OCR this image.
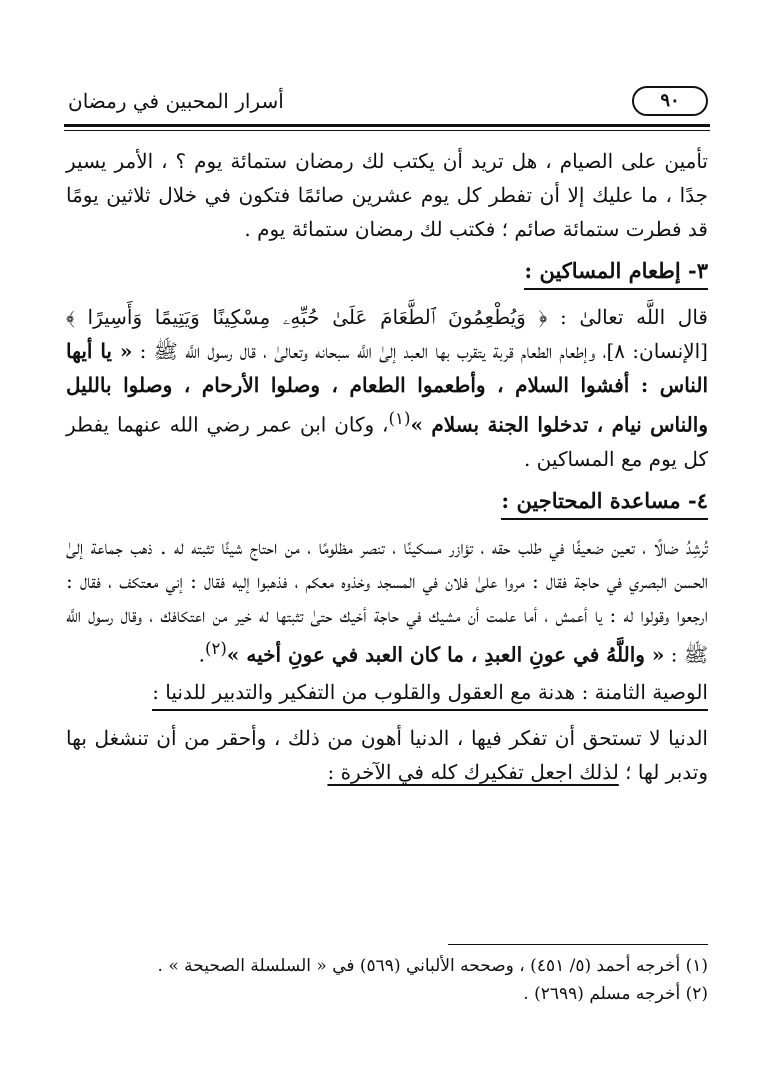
٩٠
أسرار المحبين في رمضان

تأمين على الصيام ، هل تريد أن يكتب لك رمضان ستمائة يوم ؟ ، الأمر يسير جدًا ، ما عليك إلا أن تفطر كل يوم عشرين صائمًا فتكون في خلال ثلاثين يومًا قد فطرت ستمائة صائم ؛ فكتب لك رمضان ستمائة يوم .

٣- إطعام المساكين :

قال اللَّه تعالىٰ : ﴿ وَيُطْعِمُونَ ٱلطَّعَامَ عَلَىٰ حُبِّهِۦ مِسْكِينًا وَيَتِيمًا وَأَسِيرًا ﴾ [الإنسان: ٨]، وإطعام الطعام قربة يتقرب بها العبد إلىٰ اللَّه سبحانه وتعالىٰ ، قال رسول اللَّه ﷺ : « يا أيها الناس : أفشوا السلام ، وأطعموا الطعام ، وصلوا الأرحام ، وصلوا بالليل والناس نيام ، تدخلوا الجنة بسلام »$^{(١)}$، وكان ابن عمر رضي الله عنهما يفطر كل يوم مع المساكين .

٤- مساعدة المحتاجين :

تُرشِدُ ضالًا ، تعين ضعيفًا في طلب حقه ، تؤازر مسكينًا ، تنصر مظلومًا ، من احتاج شيئًا تثبته له . ذهب جماعة إلىٰ الحسن البصري في حاجة فقال : مروا علىٰ فلان في المسجد وخذوه معكم ، فذهبوا إليه فقال : إني معتكف ، فقال : ارجعوا وقولوا له : يا أعمش ، أما علمت أن مشيك في حاجة أخيك حتىٰ تثبتها له خير من اعتكافك ، وقال رسول اللَّه ﷺ : « واللَّهُ في عونِ العبدِ ، ما كان العبد في عونِ أخيه »$^{(٢)}$.

الوصية الثامنة : هدنة مع العقول والقلوب من التفكير والتدبير للدنيا :

الدنيا لا تستحق أن تفكر فيها ، الدنيا أهون من ذلك ، وأحقر من أن تنشغل بها وتدبر لها ؛ لذلك اجعل تفكيرك كله في الآخرة :

(١) أخرجه أحمد (٥/ ٤٥١) ، وصححه الألباني (٥٦٩) في « السلسلة الصحيحة » .

(٢) أخرجه مسلم (٢٦٩٩) .
